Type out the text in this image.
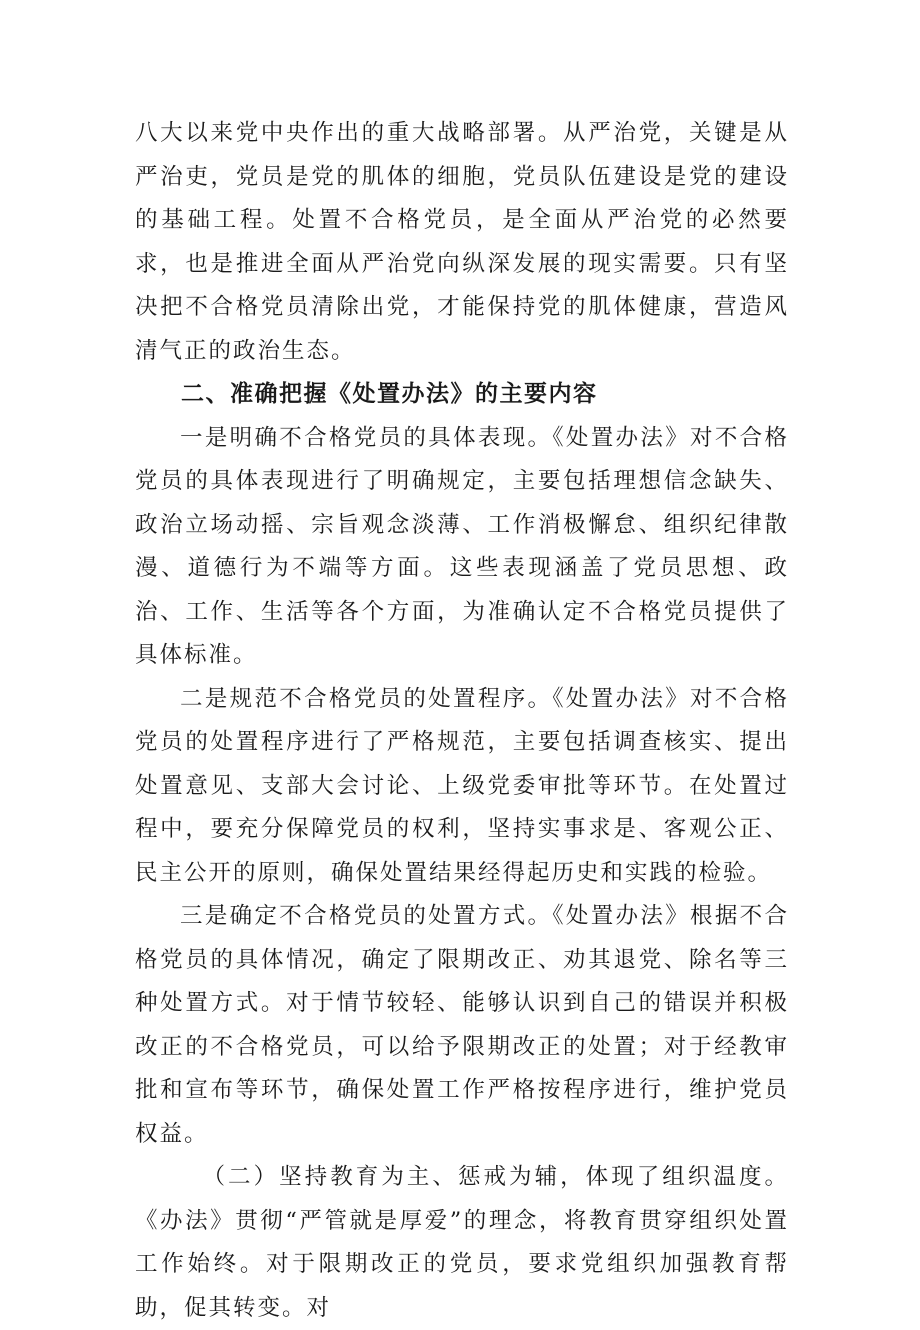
八大以来党中央作出的重大战略部署。从严治党，关键是从严治吏，党员是党的肌体的细胞，党员队伍建设是党的建设的基础工程。处置不合格党员，是全面从严治党的必然要求，也是推进全面从严治党向纵深发展的现实需要。只有坚决把不合格党员清除出党，才能保持党的肌体健康，营造风清气正的政治生态。

二、准确把握《处置办法》的主要内容

一是明确不合格党员的具体表现。《处置办法》对不合格党员的具体表现进行了明确规定，主要包括理想信念缺失、政治立场动摇、宗旨观念淡薄、工作消极懈怠、组织纪律散漫、道德行为不端等方面。这些表现涵盖了党员思想、政治、工作、生活等各个方面，为准确认定不合格党员提供了具体标准。

二是规范不合格党员的处置程序。《处置办法》对不合格党员的处置程序进行了严格规范，主要包括调查核实、提出处置意见、支部大会讨论、上级党委审批等环节。在处置过程中，要充分保障党员的权利，坚持实事求是、客观公正、民主公开的原则，确保处置结果经得起历史和实践的检验。

三是确定不合格党员的处置方式。《处置办法》根据不合格党员的具体情况，确定了限期改正、劝其退党、除名等三种处置方式。对于情节较轻、能够认识到自己的错误并积极改正的不合格党员，可以给予限期改正的处置；对于经教审批和宣布等环节，确保处置工作严格按程序进行，维护党员权益。

（二）坚持教育为主、惩戒为辅，体现了组织温度。《办法》贯彻“严管就是厚爱”的理念，将教育贯穿组织处置工作始终。对于限期改正的党员，要求党组织加强教育帮助，促其转变。对
